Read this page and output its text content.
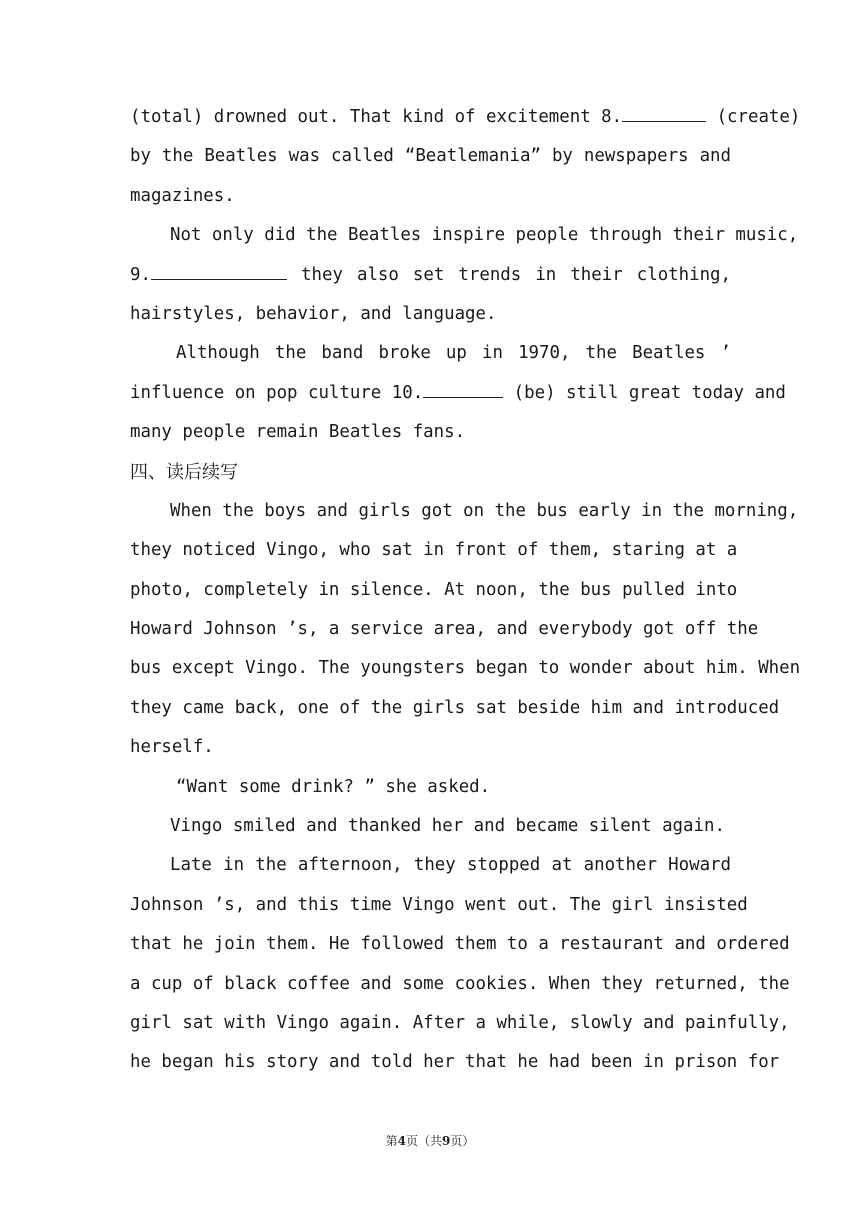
(total) drowned out. That kind of excitement 8.	(create)
by the Beatles was called “Beatlemania” by newspapers and
magazines.
Not only did the Beatles inspire people through their music,
9.	they also set trends in their clothing,
hairstyles, behavior, and language.
Although the band broke up in 1970, the Beatles ’
influence on pop culture 10.	(be) still great today and
many people remain Beatles fans.
四、读后续写
When the boys and girls got on the bus early in the morning,
they noticed Vingo, who sat in front of them, staring at a
photo, completely in silence. At noon, the bus pulled into
Howard Johnson ’s, a service area, and everybody got off the
bus except Vingo. The youngsters began to wonder about him. When
they came back, one of the girls sat beside him and introduced
herself.
“Want some drink? ” she asked.
Vingo smiled and thanked her and became silent again.
Late in the afternoon, they stopped at another Howard
Johnson ’s, and this time Vingo went out. The girl insisted
that he join them. He followed them to a restaurant and ordered
a cup of black coffee and some cookies. When they returned, the
girl sat with Vingo again. After a while, slowly and painfully,
he began his story and told her that he had been in prison for
第4页（共9页）
